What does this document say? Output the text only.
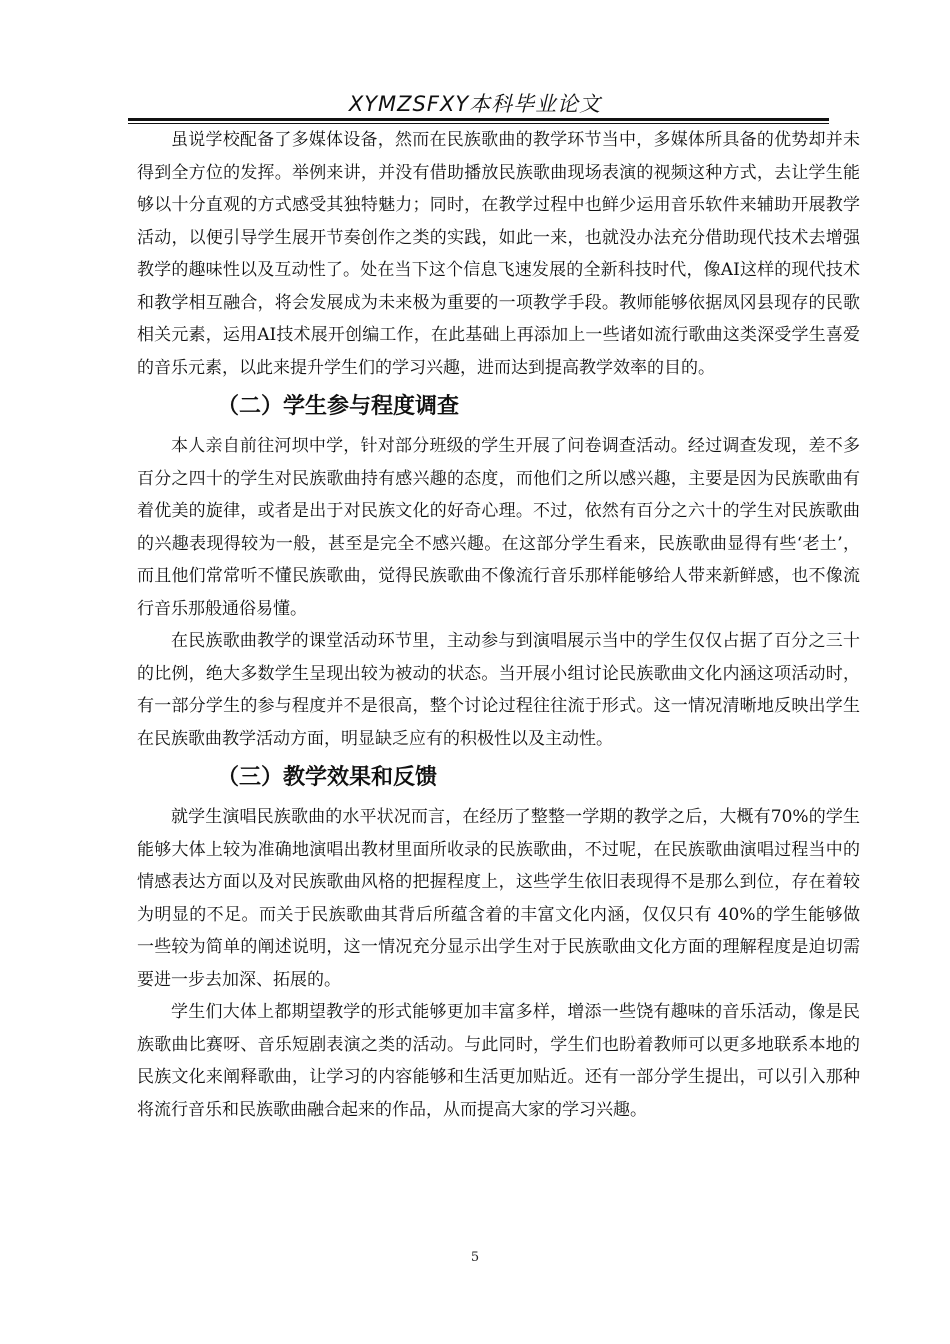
XYMZSFXY本科毕业论文

虽说学校配备了多媒体设备，然而在民族歌曲的教学环节当中，多媒体所具备的优势却并未得到全方位的发挥。举例来讲，并没有借助播放民族歌曲现场表演的视频这种方式，去让学生能够以十分直观的方式感受其独特魅力；同时，在教学过程中也鲜少运用音乐软件来辅助开展教学活动，以便引导学生展开节奏创作之类的实践，如此一来，也就没办法充分借助现代技术去增强教学的趣味性以及互动性了。处在当下这个信息飞速发展的全新科技时代，像AI这样的现代技术和教学相互融合，将会发展成为未来极为重要的一项教学手段。教师能够依据凤冈县现存的民歌相关元素，运用AI技术展开创编工作，在此基础上再添加上一些诸如流行歌曲这类深受学生喜爱的音乐元素，以此来提升学生们的学习兴趣，进而达到提高教学效率的目的。

（二）学生参与程度调查

本人亲自前往河坝中学，针对部分班级的学生开展了问卷调查活动。经过调查发现，差不多百分之四十的学生对民族歌曲持有感兴趣的态度，而他们之所以感兴趣，主要是因为民族歌曲有着优美的旋律，或者是出于对民族文化的好奇心理。不过，依然有百分之六十的学生对民族歌曲的兴趣表现得较为一般，甚至是完全不感兴趣。在这部分学生看来，民族歌曲显得有些‘老土’，而且他们常常听不懂民族歌曲，觉得民族歌曲不像流行音乐那样能够给人带来新鲜感，也不像流行音乐那般通俗易懂。

在民族歌曲教学的课堂活动环节里，主动参与到演唱展示当中的学生仅仅占据了百分之三十的比例，绝大多数学生呈现出较为被动的状态。当开展小组讨论民族歌曲文化内涵这项活动时，有一部分学生的参与程度并不是很高，整个讨论过程往往流于形式。这一情况清晰地反映出学生在民族歌曲教学活动方面，明显缺乏应有的积极性以及主动性。

（三）教学效果和反馈

就学生演唱民族歌曲的水平状况而言，在经历了整整一学期的教学之后，大概有70%的学生能够大体上较为准确地演唱出教材里面所收录的民族歌曲，不过呢，在民族歌曲演唱过程当中的情感表达方面以及对民族歌曲风格的把握程度上，这些学生依旧表现得不是那么到位，存在着较为明显的不足。而关于民族歌曲其背后所蕴含着的丰富文化内涵，仅仅只有 40%的学生能够做一些较为简单的阐述说明，这一情况充分显示出学生对于民族歌曲文化方面的理解程度是迫切需要进一步去加深、拓展的。

学生们大体上都期望教学的形式能够更加丰富多样，增添一些饶有趣味的音乐活动，像是民族歌曲比赛呀、音乐短剧表演之类的活动。与此同时，学生们也盼着教师可以更多地联系本地的民族文化来阐释歌曲，让学习的内容能够和生活更加贴近。还有一部分学生提出，可以引入那种将流行音乐和民族歌曲融合起来的作品，从而提高大家的学习兴趣。

5
